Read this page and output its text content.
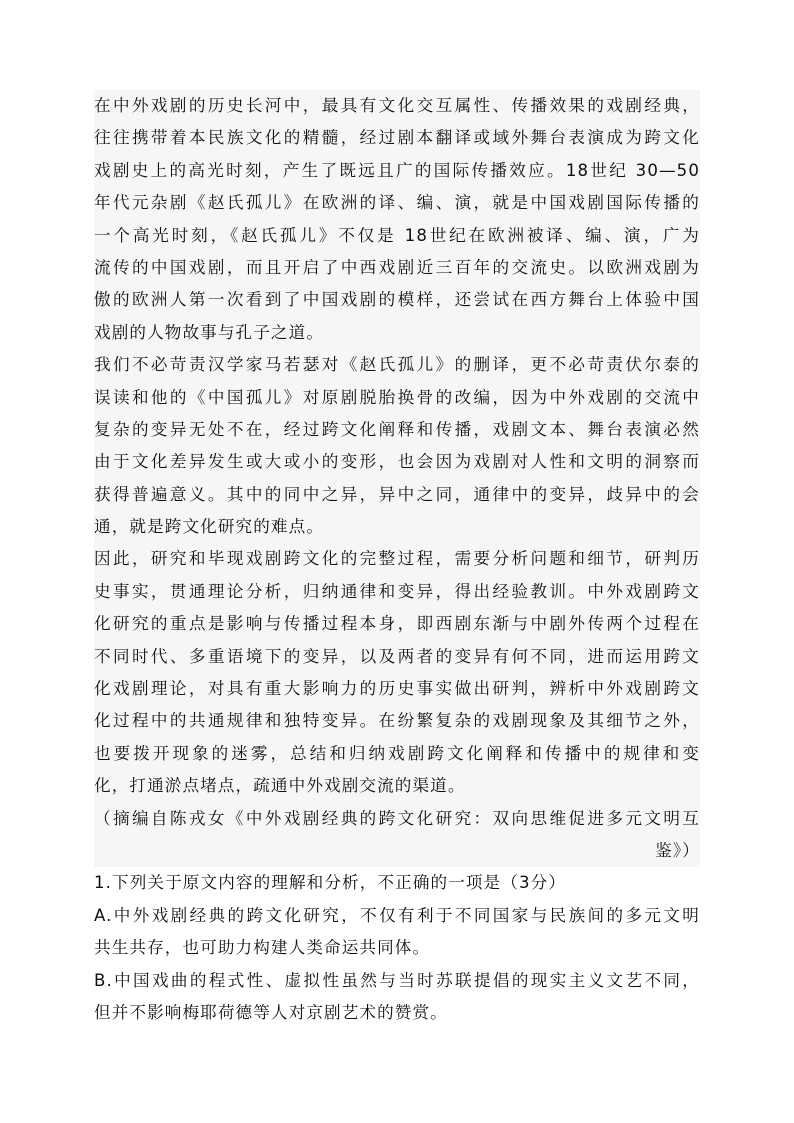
在中外戏剧的历史长河中，最具有文化交互属性、传播效果的戏剧经典，
往往携带着本民族文化的精髓，经过剧本翻译或域外舞台表演成为跨文化
戏剧史上的高光时刻，产生了既远且广的国际传播效应。18世纪 30—50
年代元杂剧《赵氏孤儿》在欧洲的译、编、演，就是中国戏剧国际传播的
一个高光时刻，《赵氏孤儿》不仅是 18世纪在欧洲被译、编、演，广为
流传的中国戏剧，而且开启了中西戏剧近三百年的交流史。以欧洲戏剧为
傲的欧洲人第一次看到了中国戏剧的模样，还尝试在西方舞台上体验中国
戏剧的人物故事与孔子之道。
我们不必苛责汉学家马若瑟对《赵氏孤儿》的删译，更不必苛责伏尔泰的
误读和他的《中国孤儿》对原剧脱胎换骨的改编，因为中外戏剧的交流中
复杂的变异无处不在，经过跨文化阐释和传播，戏剧文本、舞台表演必然
由于文化差异发生或大或小的变形，也会因为戏剧对人性和文明的洞察而
获得普遍意义。其中的同中之异，异中之同，通律中的变异，歧异中的会
通，就是跨文化研究的难点。
因此，研究和毕现戏剧跨文化的完整过程，需要分析问题和细节，研判历
史事实，贯通理论分析，归纳通律和变异，得出经验教训。中外戏剧跨文
化研究的重点是影响与传播过程本身，即西剧东渐与中剧外传两个过程在
不同时代、多重语境下的变异，以及两者的变异有何不同，进而运用跨文
化戏剧理论，对具有重大影响力的历史事实做出研判，辨析中外戏剧跨文
化过程中的共通规律和独特变异。在纷繁复杂的戏剧现象及其细节之外，
也要拨开现象的迷雾，总结和归纳戏剧跨文化阐释和传播中的规律和变
化，打通淤点堵点，疏通中外戏剧交流的渠道。
（摘编自陈戎女《中外戏剧经典的跨文化研究：双向思维促进多元文明互
鉴》）
1.下列关于原文内容的理解和分析，不正确的一项是（3分）
A.中外戏剧经典的跨文化研究，不仅有利于不同国家与民族间的多元文明
共生共存，也可助力构建人类命运共同体。
B.中国戏曲的程式性、虚拟性虽然与当时苏联提倡的现实主义文艺不同，
但并不影响梅耶荷德等人对京剧艺术的赞赏。
